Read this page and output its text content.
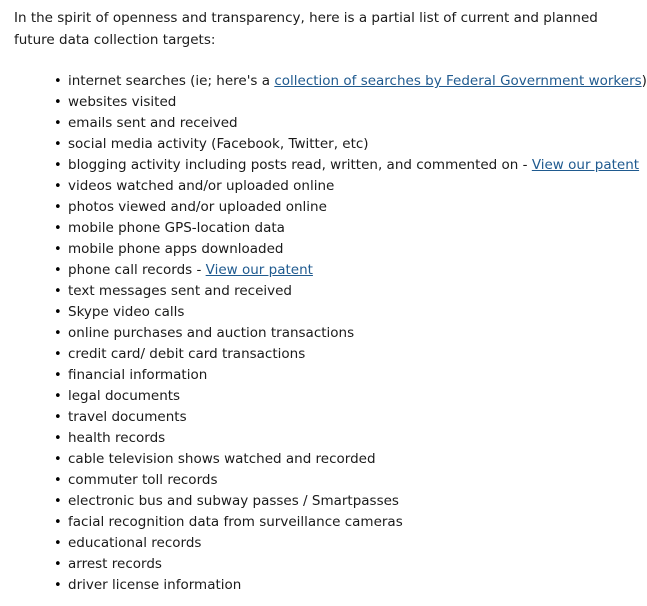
In the spirit of openness and transparency, here is a partial list of current and planned future data collection targets:

• internet searches (ie; here's a collection of searches by Federal Government workers)
• websites visited
• emails sent and received
• social media activity (Facebook, Twitter, etc)
• blogging activity including posts read, written, and commented on - View our patent
• videos watched and/or uploaded online
• photos viewed and/or uploaded online
• mobile phone GPS-location data
• mobile phone apps downloaded
• phone call records - View our patent
• text messages sent and received
• Skype video calls
• online purchases and auction transactions
• credit card/ debit card transactions
• financial information
• legal documents
• travel documents
• health records
• cable television shows watched and recorded
• commuter toll records
• electronic bus and subway passes / Smartpasses
• facial recognition data from surveillance cameras
• educational records
• arrest records
• driver license information
